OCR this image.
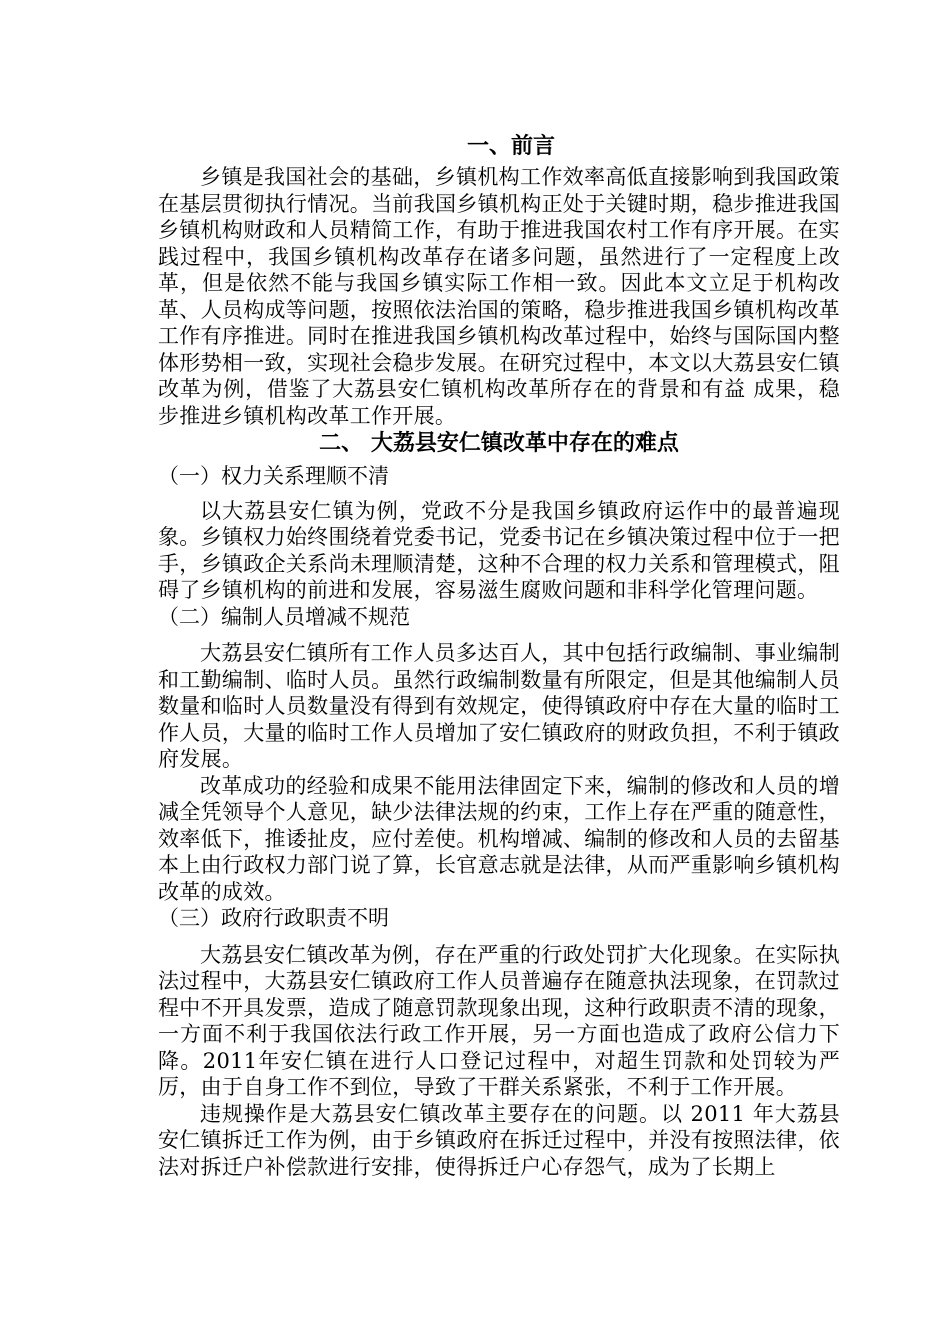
一、前言

乡镇是我国社会的基础，乡镇机构工作效率高低直接影响到我国政策在基层贯彻执行情况。当前我国乡镇机构正处于关键时期，稳步推进我国乡镇机构财政和人员精简工作，有助于推进我国农村工作有序开展。在实践过程中，我国乡镇机构改革存在诸多问题，虽然进行了一定程度上改革，但是依然不能与我国乡镇实际工作相一致。因此本文立足于机构改革、人员构成等问题，按照依法治国的策略，稳步推进我国乡镇机构改革工作有序推进。同时在推进我国乡镇机构改革过程中，始终与国际国内整体形势相一致，实现社会稳步发展。在研究过程中，本文以大荔县安仁镇改革为例，借鉴了大荔县安仁镇机构改革所存在的背景和有益 成果，稳步推进乡镇机构改革工作开展。

二、 大荔县安仁镇改革中存在的难点

（一）权力关系理顺不清

以大荔县安仁镇为例，党政不分是我国乡镇政府运作中的最普遍现象。乡镇权力始终围绕着党委书记，党委书记在乡镇决策过程中位于一把手，乡镇政企关系尚未理顺清楚，这种不合理的权力关系和管理模式，阻碍了乡镇机构的前进和发展，容易滋生腐败问题和非科学化管理问题。

（二）编制人员增减不规范

大荔县安仁镇所有工作人员多达百人，其中包括行政编制、事业编制和工勤编制、临时人员。虽然行政编制数量有所限定，但是其他编制人员数量和临时人员数量没有得到有效规定，使得镇政府中存在大量的临时工作人员，大量的临时工作人员增加了安仁镇政府的财政负担，不利于镇政府发展。

改革成功的经验和成果不能用法律固定下来，编制的修改和人员的增减全凭领导个人意见，缺少法律法规的约束，工作上存在严重的随意性，效率低下，推诿扯皮，应付差使。机构增减、编制的修改和人员的去留基本上由行政权力部门说了算，长官意志就是法律，从而严重影响乡镇机构改革的成效。

（三）政府行政职责不明

大荔县安仁镇改革为例，存在严重的行政处罚扩大化现象。在实际执法过程中，大荔县安仁镇政府工作人员普遍存在随意执法现象，在罚款过程中不开具发票，造成了随意罚款现象出现，这种行政职责不清的现象，一方面不利于我国依法行政工作开展，另一方面也造成了政府公信力下降。2011年安仁镇在进行人口登记过程中，对超生罚款和处罚较为严厉，由于自身工作不到位，导致了干群关系紧张，不利于工作开展。

违规操作是大荔县安仁镇改革主要存在的问题。以 2011 年大荔县安仁镇拆迁工作为例，由于乡镇政府在拆迁过程中，并没有按照法律，依法对拆迁户补偿款进行安排，使得拆迁户心存怨气，成为了长期上
